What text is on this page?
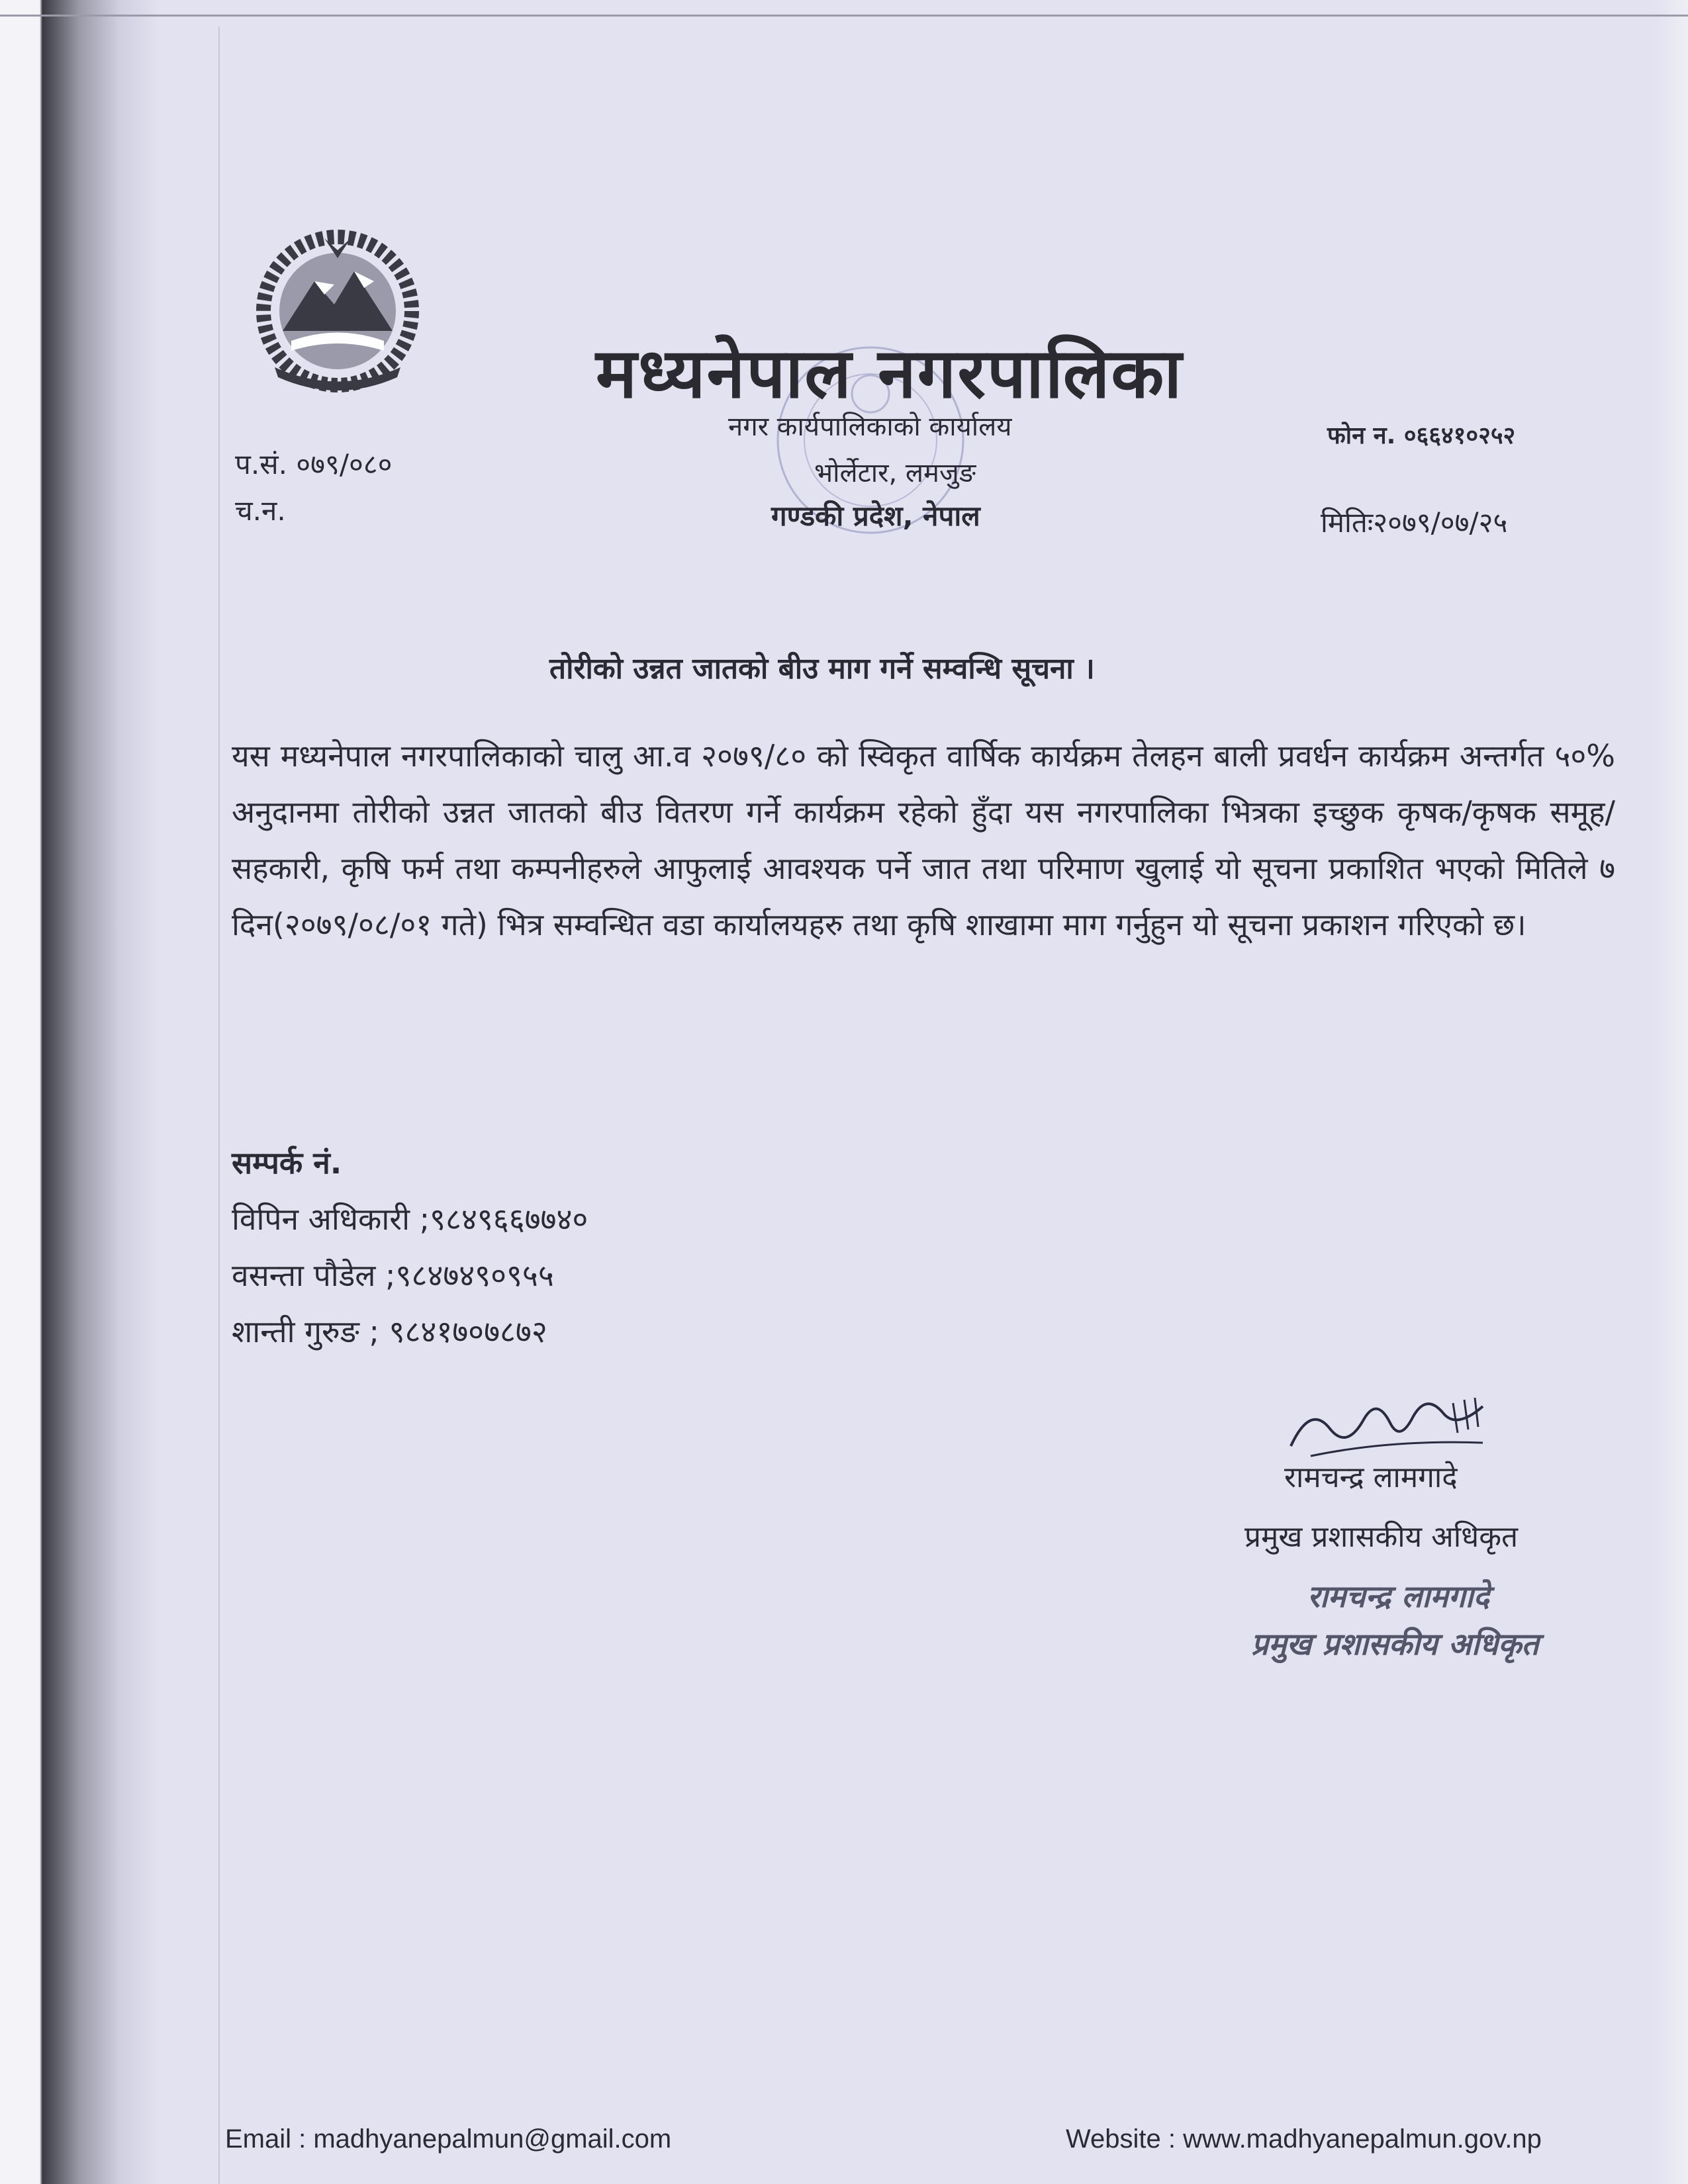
मध्यनेपाल नगरपालिका
नगर कार्यपालिकाको कार्यालय
भोर्लेटार, लमजुङ
गण्डकी प्रदेश, नेपाल
फोन न. ०६६४१०२५२
मितिः२०७९/०७/२५
प.सं. ०७९/०८०
च.न.
तोरीको उन्नत जातको बीउ माग गर्ने सम्वन्धि सूचना ।
यस मध्यनेपाल नगरपालिकाको चालु आ.व २०७९/८० को स्विकृत वार्षिक कार्यक्रम तेलहन बाली प्रवर्धन कार्यक्रम अन्तर्गत ५०% अनुदानमा तोरीको उन्नत जातको बीउ वितरण गर्ने कार्यक्रम रहेको हुँदा यस नगरपालिका भित्रका इच्छुक कृषक/कृषक समूह/सहकारी, कृषि फर्म तथा कम्पनीहरुले आफुलाई आवश्यक पर्ने जात तथा परिमाण खुलाई यो सूचना प्रकाशित भएको मितिले ७ दिन(२०७९/०८/०१ गते) भित्र सम्वन्धित वडा कार्यालयहरु तथा कृषि शाखामा माग गर्नुहुन यो सूचना प्रकाशन गरिएको छ।
सम्पर्क नं.
विपिन अधिकारी ;९८४९६६७७४०
वसन्ता पौडेल ;९८४७४९०९५५
शान्ती गुरुङ ; ९८४१७०७८७२
रामचन्द्र लामगादे
प्रमुख प्रशासकीय अधिकृत
रामचन्द्र लामगादे
प्रमुख प्रशासकीय अधिकृत
Email : madhyanepalmun@gmail.com	Website : www.madhyanepalmun.gov.np
